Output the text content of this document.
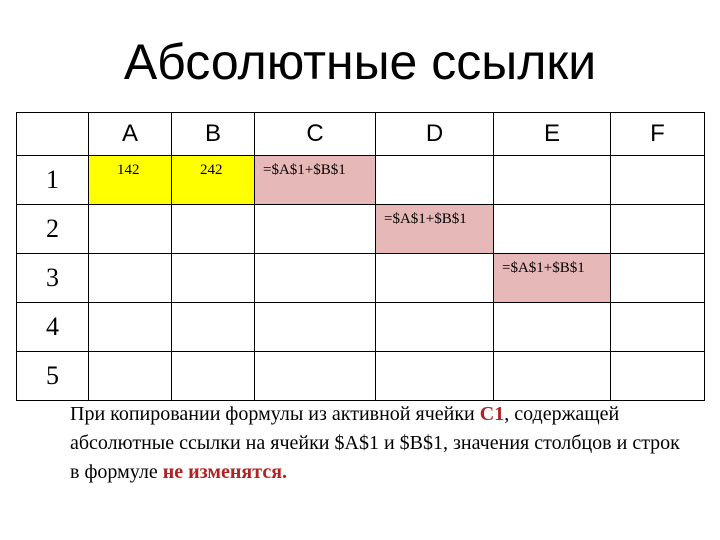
Абсолютные ссылки
	A	B	C	D	E	F
1	142	242	=$A$1+$B$1			
2				=$A$1+$B$1		
3					=$A$1+$B$1	
4						
5						
При копировании формулы из активной ячейки С1, содержащей абсолютные ссылки на ячейки $A$1 и $B$1, значения столбцов и строк в формуле не изменятся.
